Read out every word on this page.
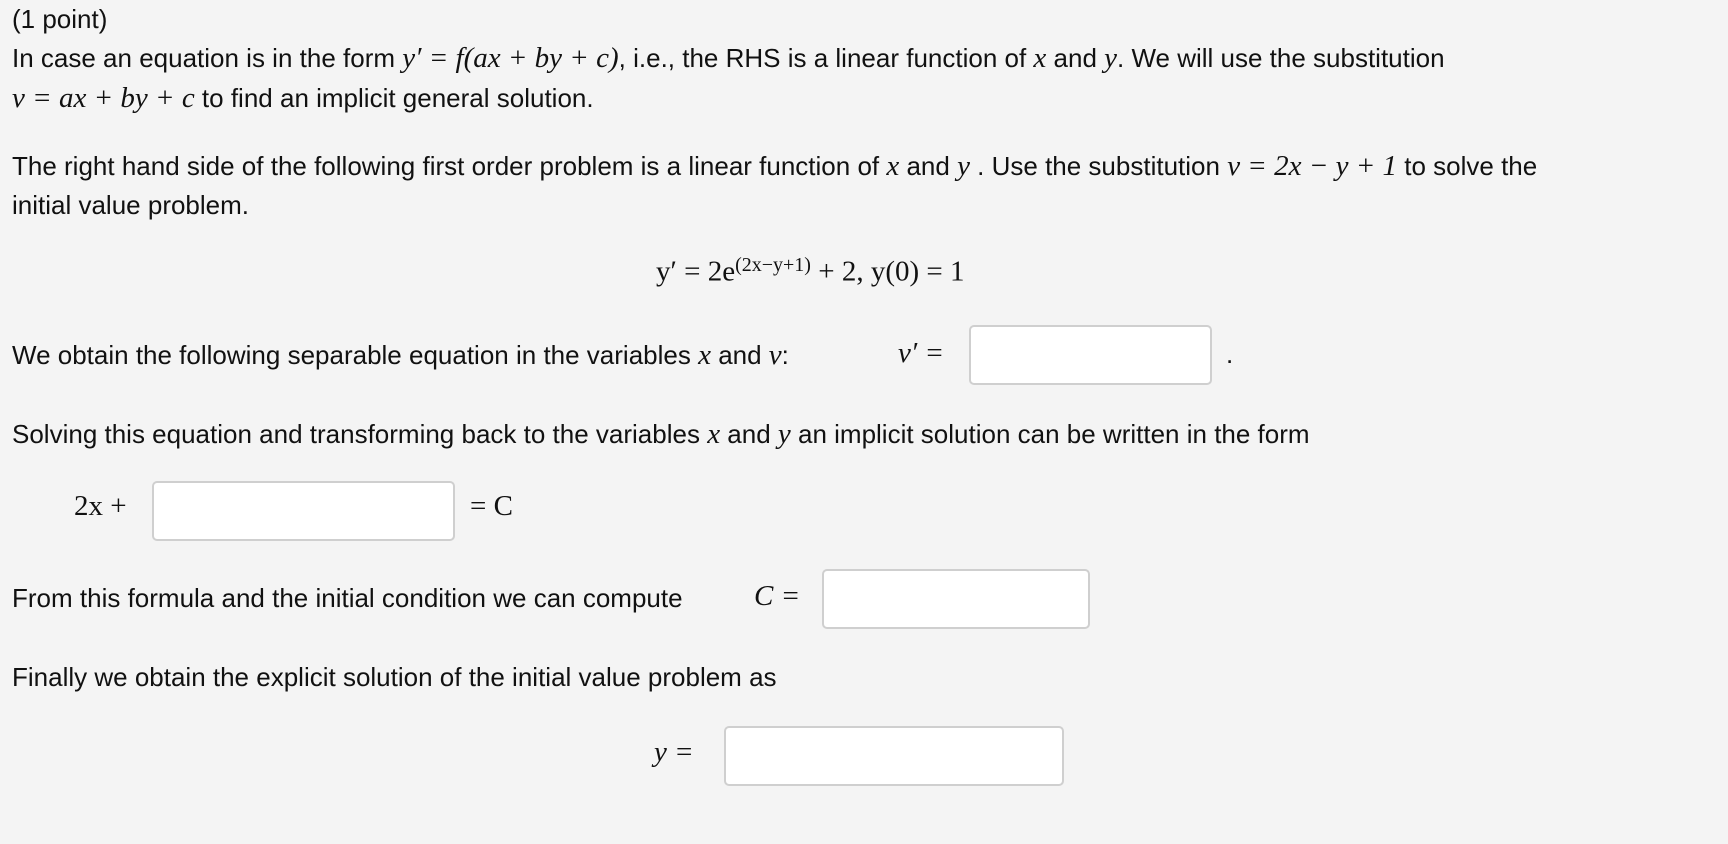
(1 point)
In case an equation is in the form y′ = f(ax + by + c), i.e., the RHS is a linear function of x and y. We will use the substitution
v = ax + by + c to find an implicit general solution.
The right hand side of the following first order problem is a linear function of x and y . Use the substitution v = 2x − y + 1 to solve the
initial value problem.
$y' = 2e^{(2x-y+1)} + 2$, y(0) = 1
We obtain the following separable equation in the variables x and v:	v′ =	.
Solving this equation and transforming back to the variables x and y an implicit solution can be written in the form
2x +	= C
From this formula and the initial condition we can compute C =
Finally we obtain the explicit solution of the initial value problem as
y =
